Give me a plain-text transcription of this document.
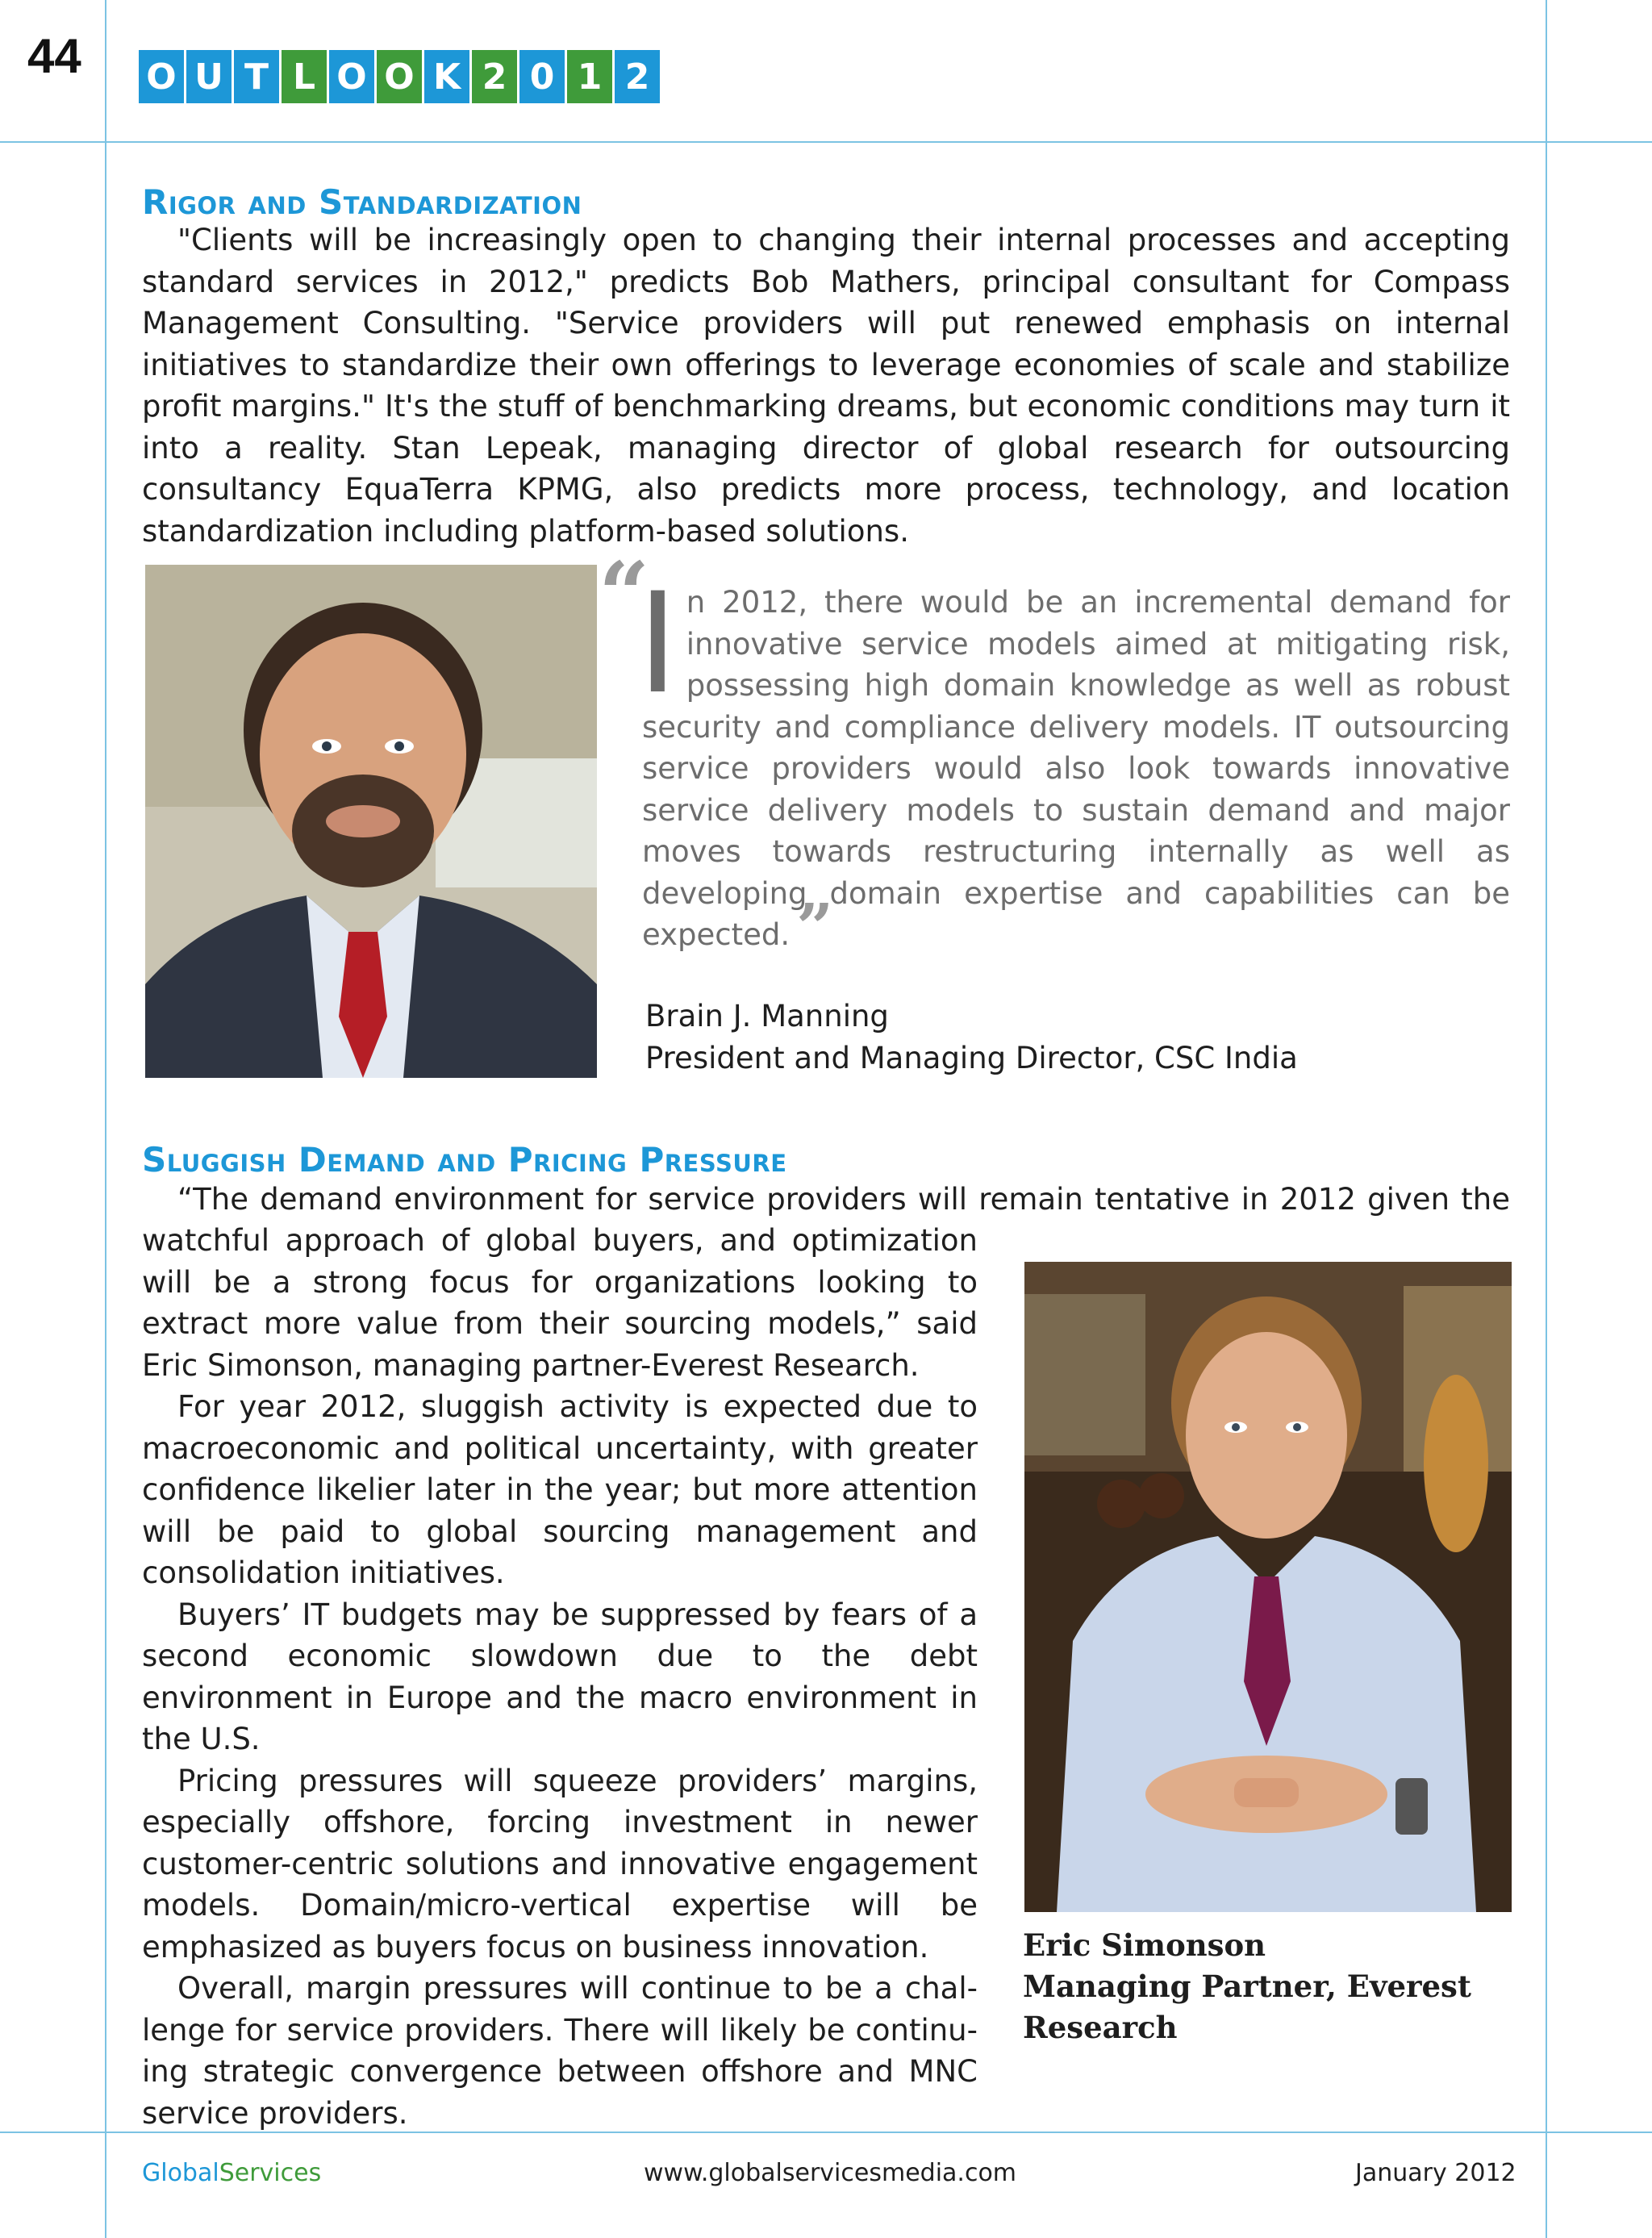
44 O U T L O O K 2 0 1 2
Rigor and Standardization

"Clients will be increasingly open to changing their internal processes and accepting standard services in 2012," predicts Bob Mathers, principal consultant for Compass Management Consulting. "Service providers will put renewed emphasis on internal initiatives to standardize their own offerings to leverage economies of scale and stabilize profit margins." It's the stuff of benchmarking dreams, but economic conditions may turn it into a reality. Stan Lepeak, managing director of global research for outsourcing consultancy EquaTerra KPMG, also predicts more process, technology, and location standardization including platform-based solutions.

“
In 2012, there would be an incremental demand for innovative service models aimed at mitigating risk, possessing high domain knowledge as well as robust security and compliance delivery models. IT outsourcing service providers would also look towards innovative service delivery models to sustain demand and major moves towards restructuring internally as well as developing domain expertise and capabilities can be expected. ”
Brain J. Manning
President and Managing Director, CSC India
Sluggish Demand and Pricing Pressure

“The demand environment for service providers will remain tentative in 2012 given the

watchful approach of global buyers, and optimization will be a strong focus for organizations looking to extract more value from their sourcing models,” said Eric Simonson, managing partner-Everest Research.

For year 2012, sluggish activity is expected due to macroeconomic and political uncertainty, with greater confidence likelier later in the year; but more attention will be paid to global sourcing management and consolidation initiatives.

Buyers’ IT budgets may be suppressed by fears of a second economic slowdown due to the debt environment in Europe and the macro environment in the U.S.

Pricing pressures will squeeze providers’ margins, especially offshore, forcing investment in newer customer-centric solutions and innovative engagement models. Domain/micro-vertical expertise will be emphasized as buyers focus on business innovation.

Overall, margin pressures will continue to be a challenge for service providers. There will likely be continuing strategic convergence between offshore and MNC service providers.

Eric Simonson
Managing Partner, Everest Research
GlobalServices	www.globalservicesmedia.com	January 2012
